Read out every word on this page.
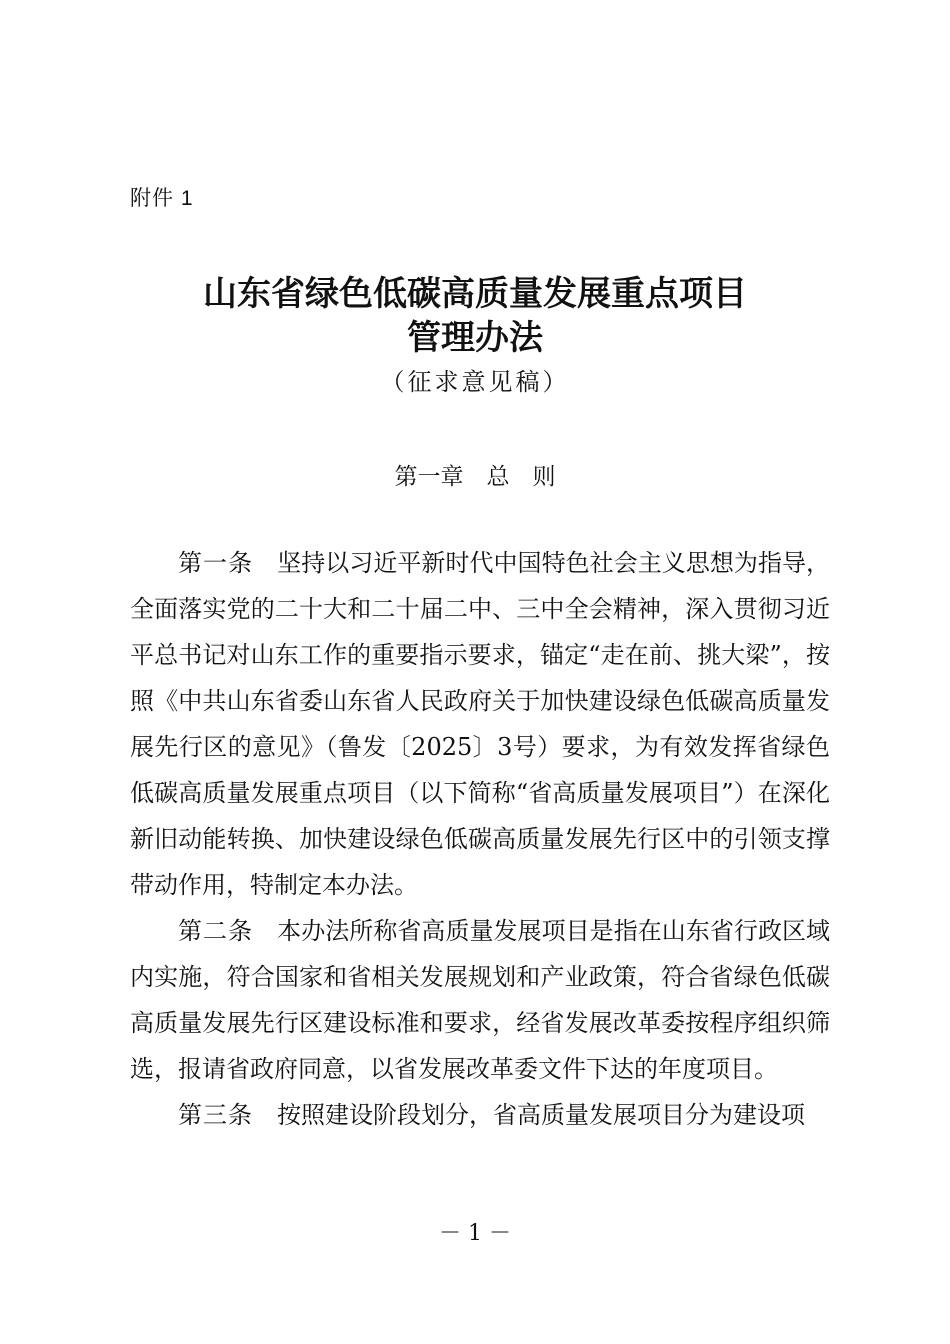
附件 1
山东省绿色低碳高质量发展重点项目
管理办法
（征求意见稿）
第一章　总　则

第一条　 坚持以习近平新时代中国特色社会主义思想为指导，全面落实党的二十大和二十届二中、三中全会精神，深入贯彻习近平总书记对山东工作的重要指示要求，锚定“走在前、挑大梁”，按照《中共山东省委山东省人民政府关于加快建设绿色低碳高质量发展先行区的意见》（鲁发〔2025〕3号）要求，为有效发挥省绿色低碳高质量发展重点项目（以下简称“省高质量发展项目”）在深化新旧动能转换、加快建设绿色低碳高质量发展先行区中的引领支撑带动作用，特制定本办法。

第二条　 本办法所称省高质量发展项目是指在山东省行政区域内实施，符合国家和省相关发展规划和产业政策，符合省绿色低碳高质量发展先行区建设标准和要求，经省发展改革委按程序组织筛选，报请省政府同意，以省发展改革委文件下达的年度项目。

第三条　 按照建设阶段划分，省高质量发展项目分为建设项

－ 1 －
